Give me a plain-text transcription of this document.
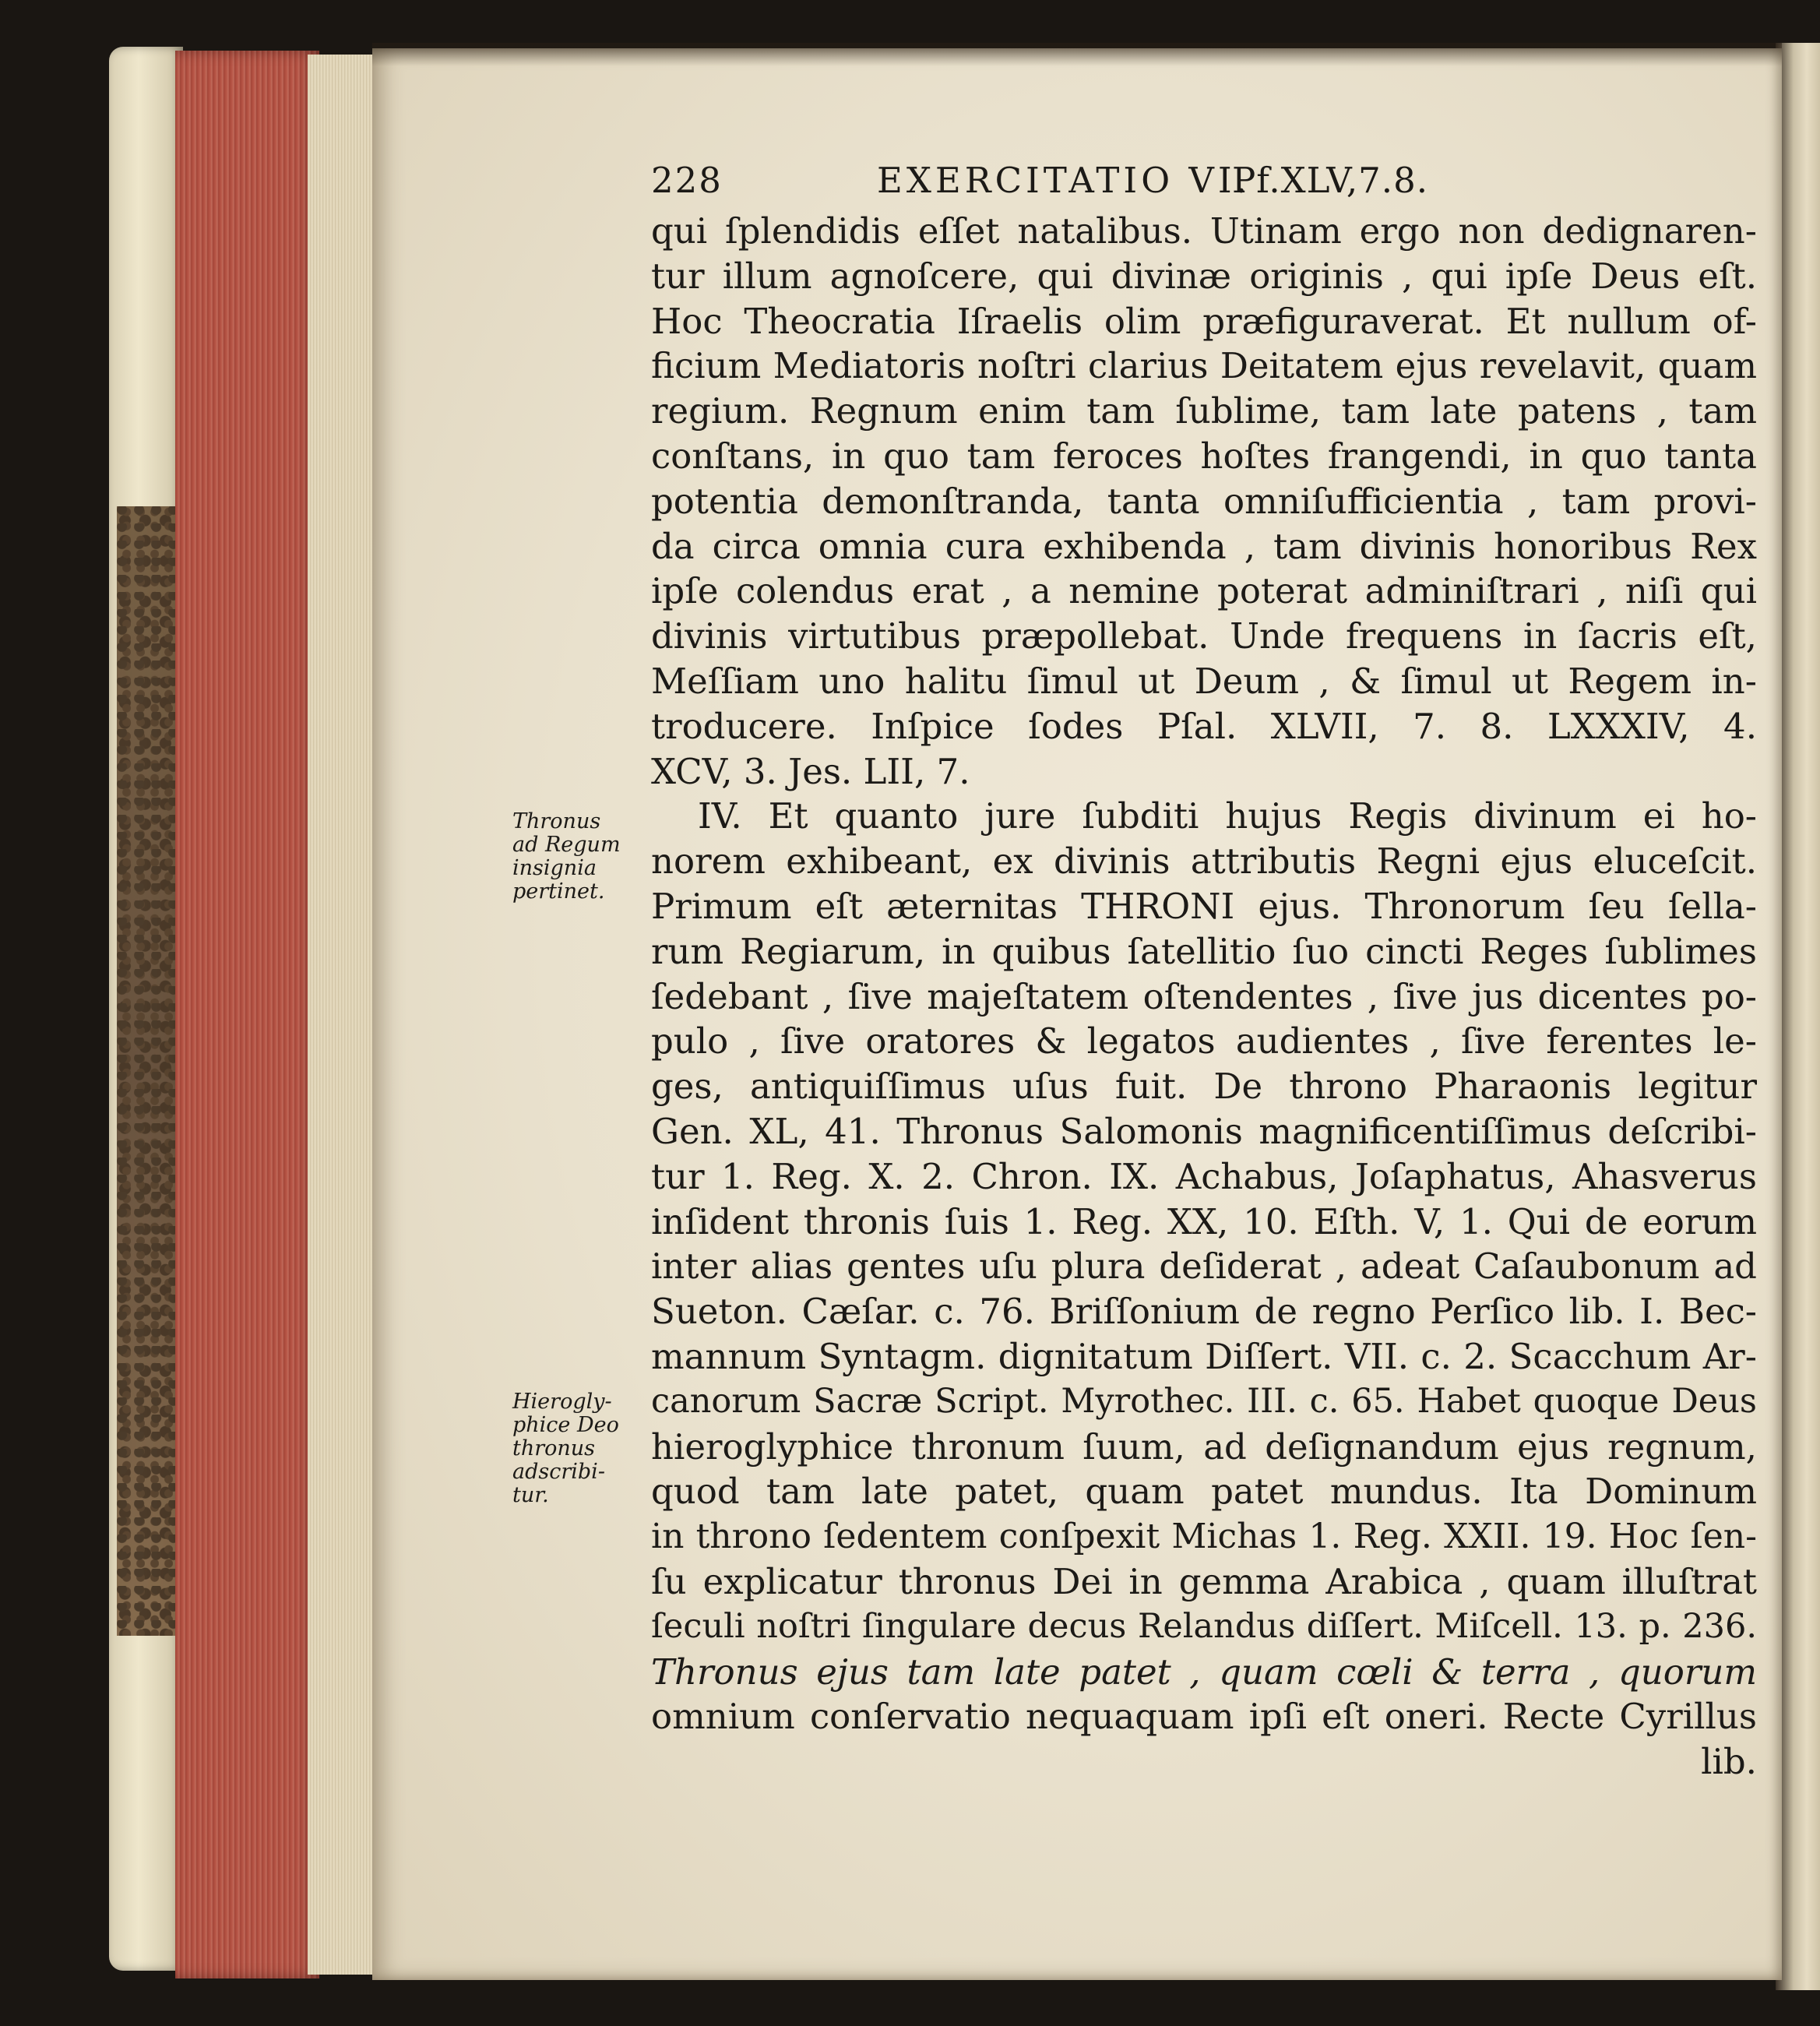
228	EXERCITATIO VI.
Pf.XLV,7.8.
Thronus
ad Regum
insignia
pertinet.
Hierogly-
phice Deo
thronus
adscribi-
tur.
qui ſplendidis eſſet natalibus. Utinam ergo non dedignaren-
tur illum agnoſcere, qui divinæ originis , qui ipſe Deus eſt.
Hoc Theocratia Iſraelis olim præfiguraverat. Et nullum of-
ficium Mediatoris noſtri clarius Deitatem ejus revelavit, quam
regium. Regnum enim tam ſublime, tam late patens , tam
conſtans, in quo tam feroces hoſtes frangendi, in quo tanta
potentia demonſtranda, tanta omniſufficientia , tam provi-
da circa omnia cura exhibenda , tam divinis honoribus Rex
ipſe colendus erat , a nemine poterat adminiſtrari , niſi qui
divinis virtutibus præpollebat. Unde frequens in ſacris eſt,
Meſſiam uno halitu ſimul ut Deum , & ſimul ut Regem in-
troducere. Inſpice ſodes Pſal. XLVII, 7. 8. LXXXIV, 4.
XCV, 3. Jes. LII, 7.
IV. Et quanto jure ſubditi hujus Regis divinum ei ho-
norem exhibeant, ex divinis attributis Regni ejus eluceſcit.
Primum eſt æternitas THRONI ejus. Thronorum ſeu ſella-
rum Regiarum, in quibus ſatellitio ſuo cincti Reges ſublimes
ſedebant , ſive majeſtatem oſtendentes , ſive jus dicentes po-
pulo , ſive oratores & legatos audientes , ſive ferentes le-
ges, antiquiſſimus uſus fuit. De throno Pharaonis legitur
Gen. XL, 41. Thronus Salomonis magnificentiſſimus deſcribi-
tur 1. Reg. X. 2. Chron. IX. Achabus, Joſaphatus, Ahasverus
inſident thronis ſuis 1. Reg. XX, 10. Eſth. V, 1. Qui de eorum
inter alias gentes uſu plura deſiderat , adeat Caſaubonum ad
Sueton. Cæſar. c. 76. Briſſonium de regno Perſico lib. I. Bec-
mannum Syntagm. dignitatum Diſſert. VII. c. 2. Scacchum Ar-
canorum Sacræ Script. Myrothec. III. c. 65. Habet quoque Deus
hieroglyphice thronum ſuum, ad deſignandum ejus regnum,
quod tam late patet, quam patet mundus. Ita Dominum
in throno ſedentem conſpexit Michas 1. Reg. XXII. 19. Hoc ſen-
ſu explicatur thronus Dei in gemma Arabica , quam illuſtrat
ſeculi noſtri ſingulare decus Relandus diſſert. Miſcell. 13. p. 236.
Thronus ejus tam late patet , quam cœli & terra , quorum
omnium conſervatio nequaquam ipſi eſt oneri. Recte Cyrillus
lib.
